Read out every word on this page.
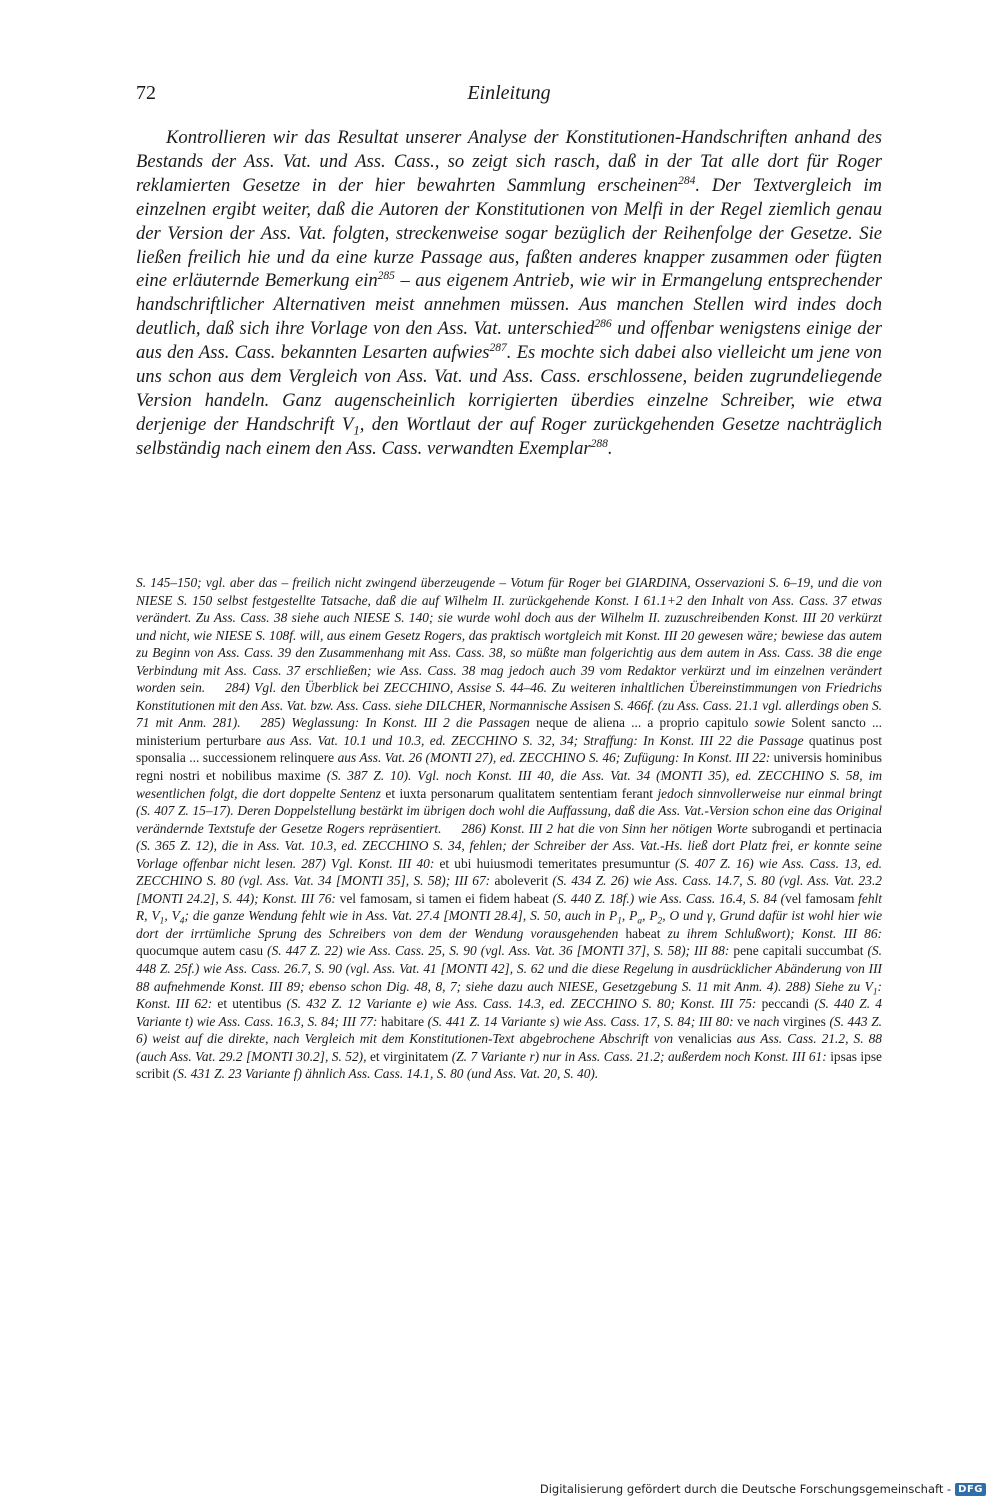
72	Einleitung

Kontrollieren wir das Resultat unserer Analyse der Konstitutionen-Handschriften anhand des Bestands der Ass. Vat. und Ass. Cass., so zeigt sich rasch, daß in der Tat alle dort für Roger reklamierten Gesetze in der hier bewahrten Sammlung erscheinen$^{284}$. Der Textvergleich im einzelnen ergibt weiter, daß die Autoren der Konstitutionen von Melfi in der Regel ziemlich genau der Version der Ass. Vat. folgten, streckenweise sogar bezüglich der Reihenfolge der Gesetze. Sie ließen freilich hie und da eine kurze Passage aus, faßten anderes knapper zusammen oder fügten eine erläuternde Bemerkung ein$^{285}$ – aus eigenem Antrieb, wie wir in Ermangelung entsprechender handschriftlicher Alternativen meist annehmen müssen. Aus manchen Stellen wird indes doch deutlich, daß sich ihre Vorlage von den Ass. Vat. unterschied$^{286}$ und offenbar wenigstens einige der aus den Ass. Cass. bekannten Lesarten aufwies$^{287}$. Es mochte sich dabei also vielleicht um jene von uns schon aus dem Vergleich von Ass. Vat. und Ass. Cass. erschlossene, beiden zugrundeliegende Version handeln. Ganz augenscheinlich korrigierten überdies einzelne Schreiber, wie etwa derjenige der Handschrift $V_1$, den Wortlaut der auf Roger zurückgehenden Gesetze nachträglich selbständig nach einem den Ass. Cass. verwandten Exemplar$^{288}$.

S. 145–150; vgl. aber das – freilich nicht zwingend überzeugende – Votum für Roger bei GIARDINA, Osservazioni S. 6–19, und die von NIESE S. 150 selbst festgestellte Tatsache, daß die auf Wilhelm II. zurückgehende Konst. I 61.1+2 den Inhalt von Ass. Cass. 37 etwas verändert. Zu Ass. Cass. 38 siehe auch NIESE S. 140; sie wurde wohl doch aus der Wilhelm II. zuzuschreibenden Konst. III 20 verkürzt und nicht, wie NIESE S. 108f. will, aus einem Gesetz Rogers, das praktisch wortgleich mit Konst. III 20 gewesen wäre; bewiese das autem zu Beginn von Ass. Cass. 39 den Zusammenhang mit Ass. Cass. 38, so müßte man folgerichtig aus dem autem in Ass. Cass. 38 die enge Verbindung mit Ass. Cass. 37 erschließen; wie Ass. Cass. 38 mag jedoch auch 39 vom Redaktor verkürzt und im einzelnen verändert worden sein. 284) Vgl. den Überblick bei ZECCHINO, Assise S. 44–46. Zu weiteren inhaltlichen Übereinstimmungen von Friedrichs Konstitutionen mit den Ass. Vat. bzw. Ass. Cass. siehe DILCHER, Normannische Assisen S. 466f. (zu Ass. Cass. 21.1 vgl. allerdings oben S. 71 mit Anm. 281). 285) Weglassung: In Konst. III 2 die Passagen neque de aliena ... a proprio capitulo sowie Solent sancto ... ministerium perturbare aus Ass. Vat. 10.1 und 10.3, ed. ZECCHINO S. 32, 34; Straffung: In Konst. III 22 die Passage quatinus post sponsalia ... successionem relinquere aus Ass. Vat. 26 (MONTI 27), ed. ZECCHINO S. 46; Zufügung: In Konst. III 22: universis hominibus regni nostri et nobilibus maxime (S. 387 Z. 10). Vgl. noch Konst. III 40, die Ass. Vat. 34 (MONTI 35), ed. ZECCHINO S. 58, im wesentlichen folgt, die dort doppelte Sentenz et iuxta personarum qualitatem sententiam ferant jedoch sinnvollerweise nur einmal bringt (S. 407 Z. 15–17). Deren Doppelstellung bestärkt im übrigen doch wohl die Auffassung, daß die Ass. Vat.-Version schon eine das Original verändernde Textstufe der Gesetze Rogers repräsentiert. 286) Konst. III 2 hat die von Sinn her nötigen Worte subrogandi et pertinacia (S. 365 Z. 12), die in Ass. Vat. 10.3, ed. ZECCHINO S. 34, fehlen; der Schreiber der Ass. Vat.-Hs. ließ dort Platz frei, er konnte seine Vorlage offenbar nicht lesen. 287) Vgl. Konst. III 40: et ubi huiusmodi temeritates presumuntur (S. 407 Z. 16) wie Ass. Cass. 13, ed. ZECCHINO S. 80 (vgl. Ass. Vat. 34 [MONTI 35], S. 58); III 67: aboleverit (S. 434 Z. 26) wie Ass. Cass. 14.7, S. 80 (vgl. Ass. Vat. 23.2 [MONTI 24.2], S. 44); Konst. III 76: vel famosam, si tamen ei fidem habeat (S. 440 Z. 18f.) wie Ass. Cass. 16.4, S. 84 (vel famosam fehlt R, $V_1$, $V_4$; die ganze Wendung fehlt wie in Ass. Vat. 27.4 [MONTI 28.4], S. 50, auch in $P_1$, $P_a$, $P_2$, O und γ, Grund dafür ist wohl hier wie dort der irrtümliche Sprung des Schreibers von dem der Wendung vorausgehenden habeat zu ihrem Schlußwort); Konst. III 86: quocumque autem casu (S. 447 Z. 22) wie Ass. Cass. 25, S. 90 (vgl. Ass. Vat. 36 [MONTI 37], S. 58); III 88: pene capitali succumbat (S. 448 Z. 25f.) wie Ass. Cass. 26.7, S. 90 (vgl. Ass. Vat. 41 [MONTI 42], S. 62 und die diese Regelung in ausdrücklicher Abänderung von III 88 aufnehmende Konst. III 89; ebenso schon Dig. 48, 8, 7; siehe dazu auch NIESE, Gesetzgebung S. 11 mit Anm. 4). 288) Siehe zu $V_1$: Konst. III 62: et utentibus (S. 432 Z. 12 Variante e) wie Ass. Cass. 14.3, ed. ZECCHINO S. 80; Konst. III 75: peccandi (S. 440 Z. 4 Variante t) wie Ass. Cass. 16.3, S. 84; III 77: habitare (S. 441 Z. 14 Variante s) wie Ass. Cass. 17, S. 84; III 80: ve nach virgines (S. 443 Z. 6) weist auf die direkte, nach Vergleich mit dem Konstitutionen-Text abgebrochene Abschrift von venalicias aus Ass. Cass. 21.2, S. 88 (auch Ass. Vat. 29.2 [MONTI 30.2], S. 52), et virginitatem (Z. 7 Variante r) nur in Ass. Cass. 21.2; außerdem noch Konst. III 61: ipsas ipse scribit (S. 431 Z. 23 Variante f) ähnlich Ass. Cass. 14.1, S. 80 (und Ass. Vat. 20, S. 40).

Digitalisierung gefördert durch die Deutsche Forschungsgemeinschaft - DFG
